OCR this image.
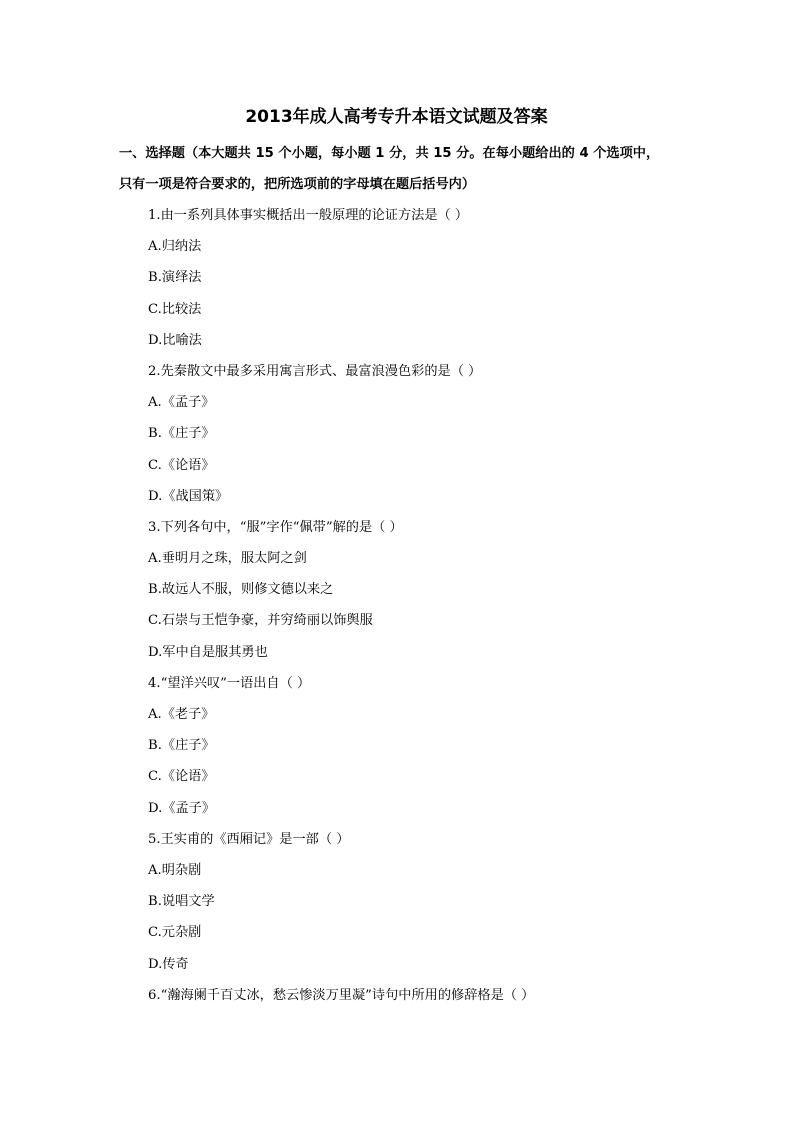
2013年成人高考专升本语文试题及答案
一、选择题（本大题共 15 个小题，每小题 1 分，共 15 分。在每小题给出的 4 个选项中，
只有一项是符合要求的，把所选项前的字母填在题后括号内）
1.由一系列具体事实概括出一般原理的论证方法是（ ）
A.归纳法
B.演绎法
C.比较法
D.比喻法
2.先秦散文中最多采用寓言形式、最富浪漫色彩的是（ ）
A.《孟子》
B.《庄子》
C.《论语》
D.《战国策》
3.下列各句中，“服”字作“佩带”解的是（ ）
A.垂明月之珠，服太阿之剑
B.故远人不服，则修文德以来之
C.石崇与王恺争豪，并穷绮丽以饰舆服
D.军中自是服其勇也
4.“望洋兴叹”一语出自（ ）
A.《老子》
B.《庄子》
C.《论语》
D.《孟子》
5.王实甫的《西厢记》是一部（ ）
A.明杂剧
B.说唱文学
C.元杂剧
D.传奇
6.“瀚海阑千百丈冰，愁云惨淡万里凝”诗句中所用的修辞格是（ ）
